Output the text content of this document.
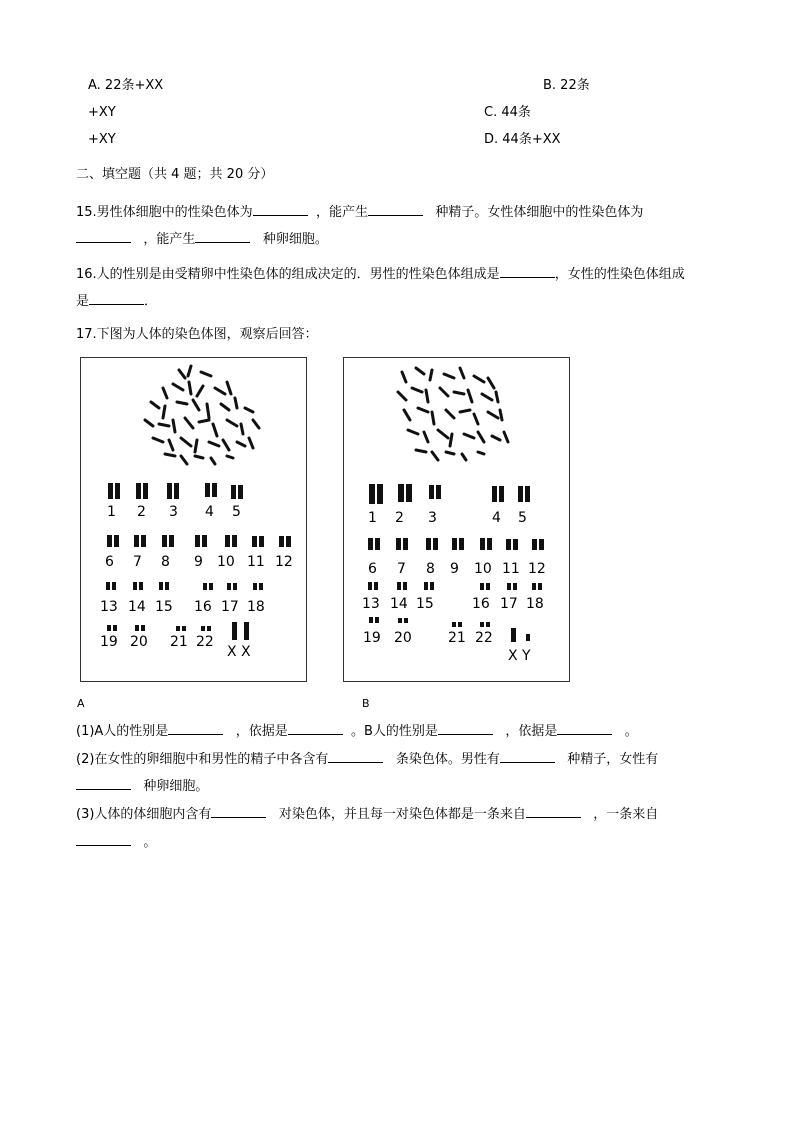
A. 22条+XX	B. 22条
+XY	C. 44条
+XY	D. 44条+XX
二、填空题（共 4 题；共 20 分）
15.男性体细胞中的性染色体为	，能产生	种精子。女性体细胞中的性染色体为
，能产生	种卵细胞。
16.人的性别是由受精卵中性染色体的组成决定的．男性的性染色体组成是	，女性的性染色体组成
是	．
17.下图为人体的染色体图，观察后回答：
1 2 3 4 5
6 7 8 9 10 11 12
13 14 15 16 17 18
19 20 21 22
X X
A
1 2 3	4 5
6 7 8 9 10 11 12
13 14 15	16 17 18
19 20	21 22
X Y
B
(1)A人的性别是	，依据是	。B人的性别是	，依据是	。
(2)在女性的卵细胞中和男性的精子中各含有	条染色体。男性有	种精子，女性有
种卵细胞。
(3)人体的体细胞内含有	对染色体，并且每一对染色体都是一条来自	，一条来自
。
